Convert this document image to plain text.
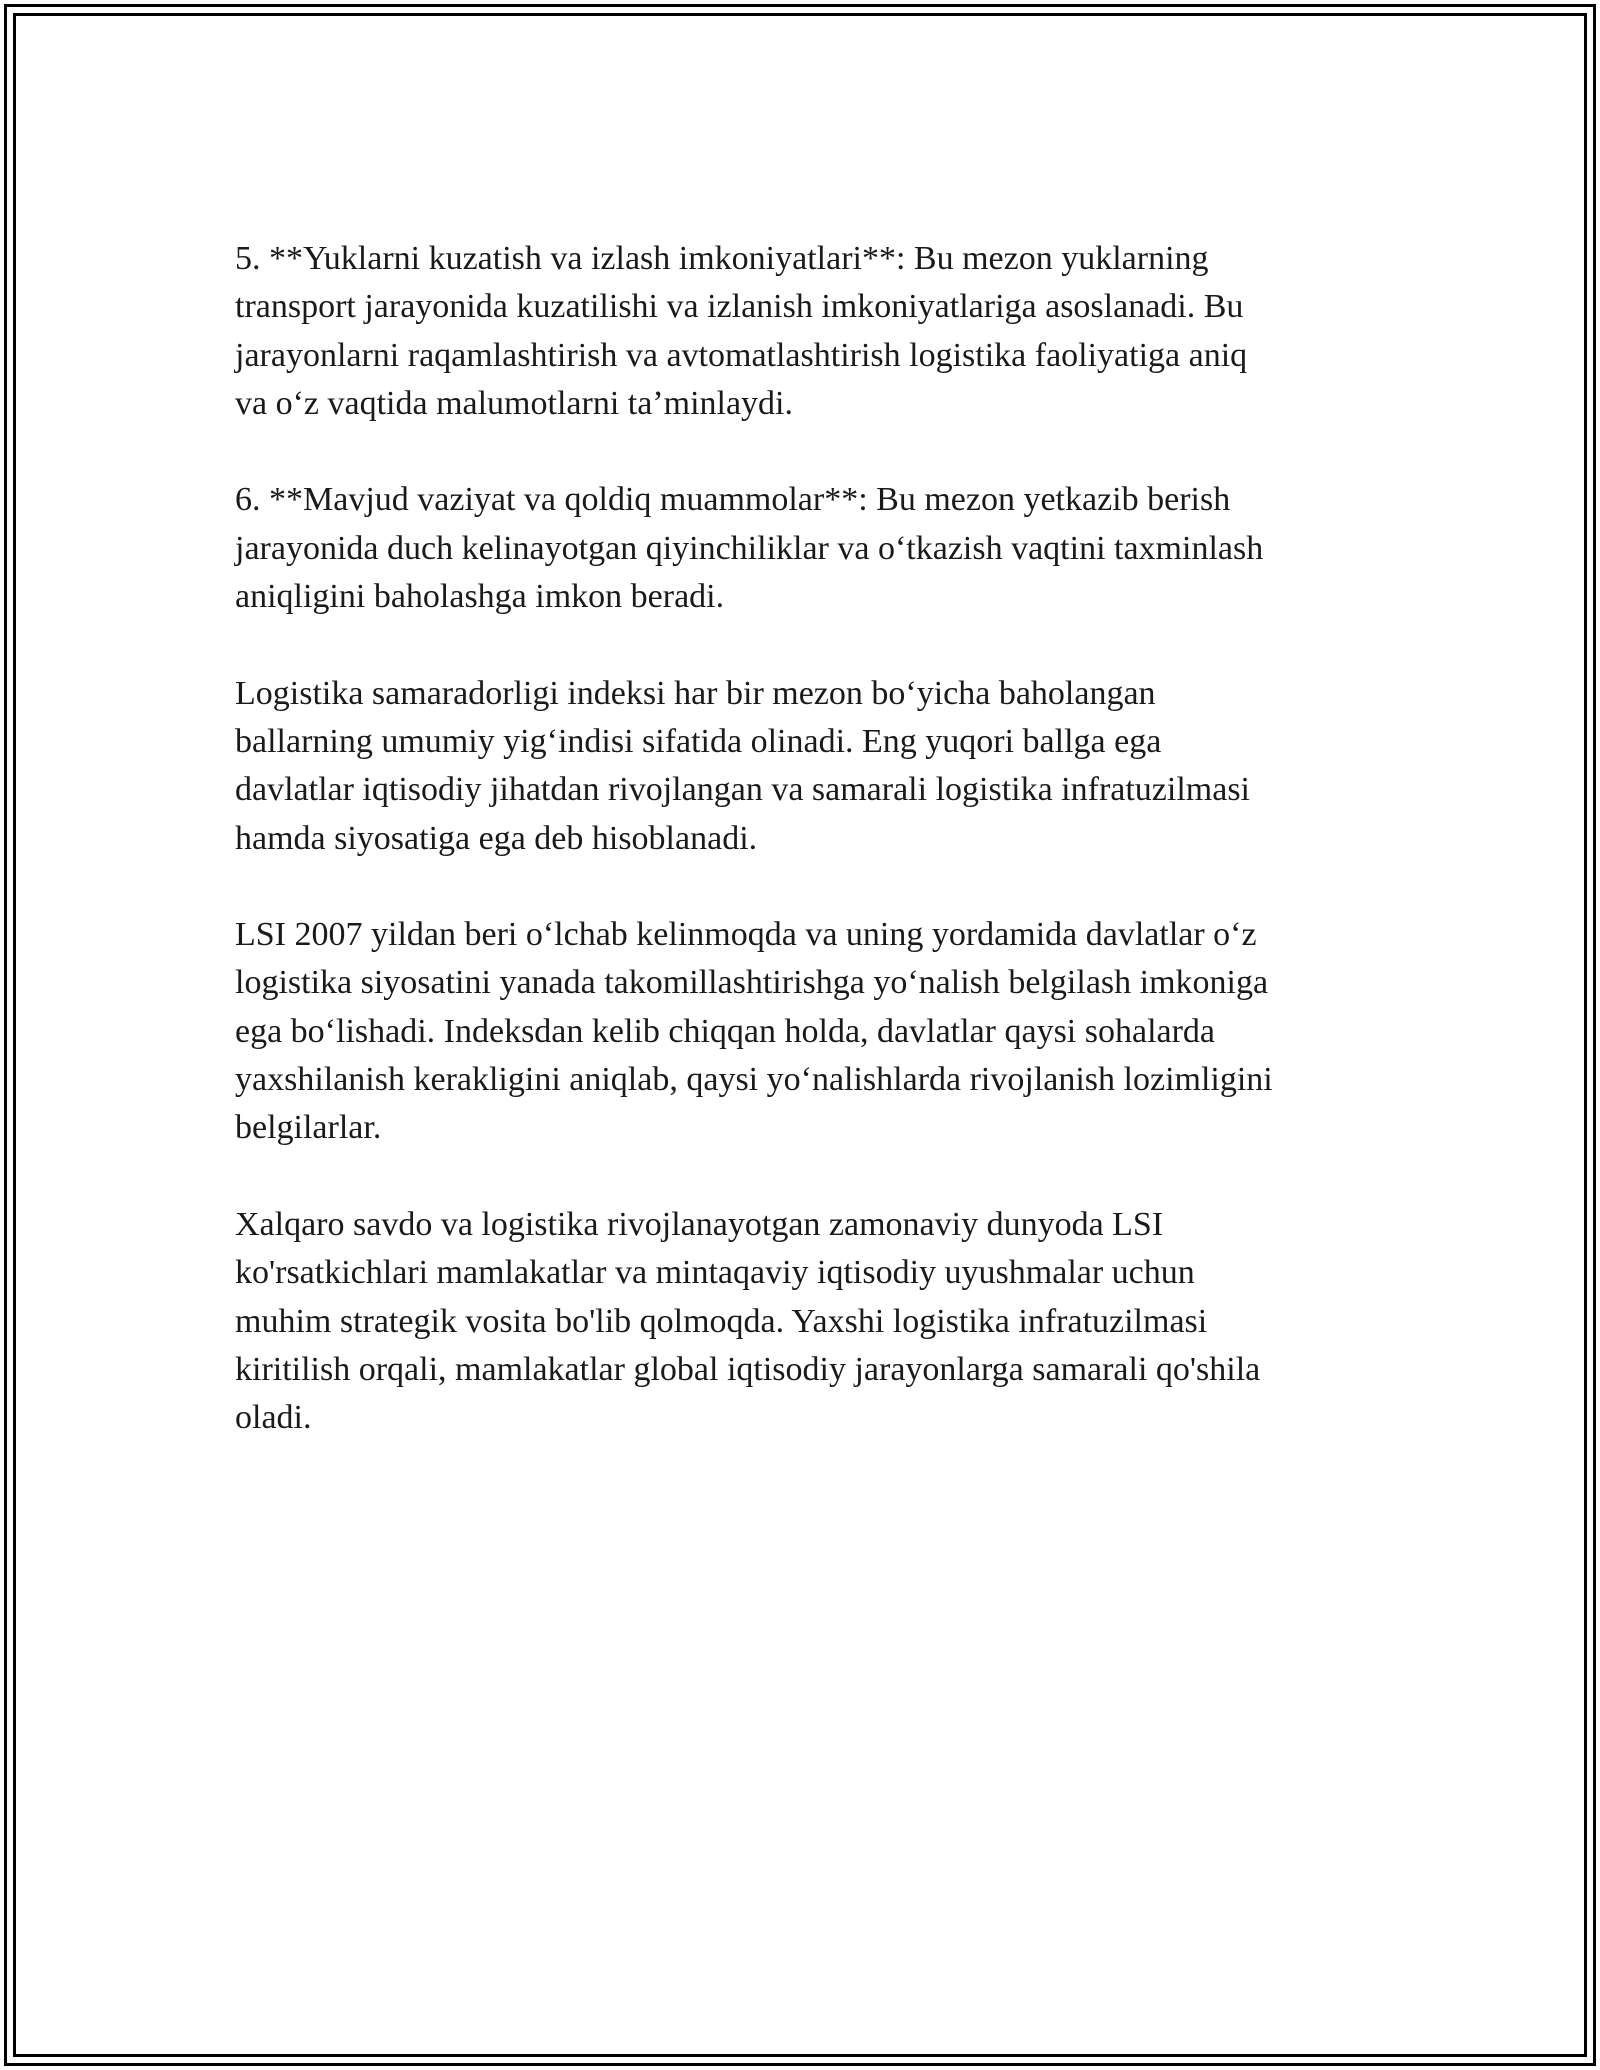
5. **Yuklarni kuzatish va izlash imkoniyatlari**: Bu mezon yuklarning
transport jarayonida kuzatilishi va izlanish imkoniyatlariga asoslanadi. Bu
jarayonlarni raqamlashtirish va avtomatlashtirish logistika faoliyatiga aniq
va oʻz vaqtida malumotlarni taʼminlaydi.

6. **Mavjud vaziyat va qoldiq muammolar**: Bu mezon yetkazib berish
jarayonida duch kelinayotgan qiyinchiliklar va oʻtkazish vaqtini taxminlash
aniqligini baholashga imkon beradi.

Logistika samaradorligi indeksi har bir mezon boʻyicha baholangan
ballarning umumiy yigʻindisi sifatida olinadi. Eng yuqori ballga ega
davlatlar iqtisodiy jihatdan rivojlangan va samarali logistika infratuzilmasi
hamda siyosatiga ega deb hisoblanadi.

LSI 2007 yildan beri oʻlchab kelinmoqda va uning yordamida davlatlar oʻz
logistika siyosatini yanada takomillashtirishga yoʻnalish belgilash imkoniga
ega boʻlishadi. Indeksdan kelib chiqqan holda, davlatlar qaysi sohalarda
yaxshilanish kerakligini aniqlab, qaysi yoʻnalishlarda rivojlanish lozimligini
belgilarlar.

Xalqaro savdo va logistika rivojlanayotgan zamonaviy dunyoda LSI
ko'rsatkichlari mamlakatlar va mintaqaviy iqtisodiy uyushmalar uchun
muhim strategik vosita bo'lib qolmoqda. Yaxshi logistika infratuzilmasi
kiritilish orqali, mamlakatlar global iqtisodiy jarayonlarga samarali qo'shila
oladi.
